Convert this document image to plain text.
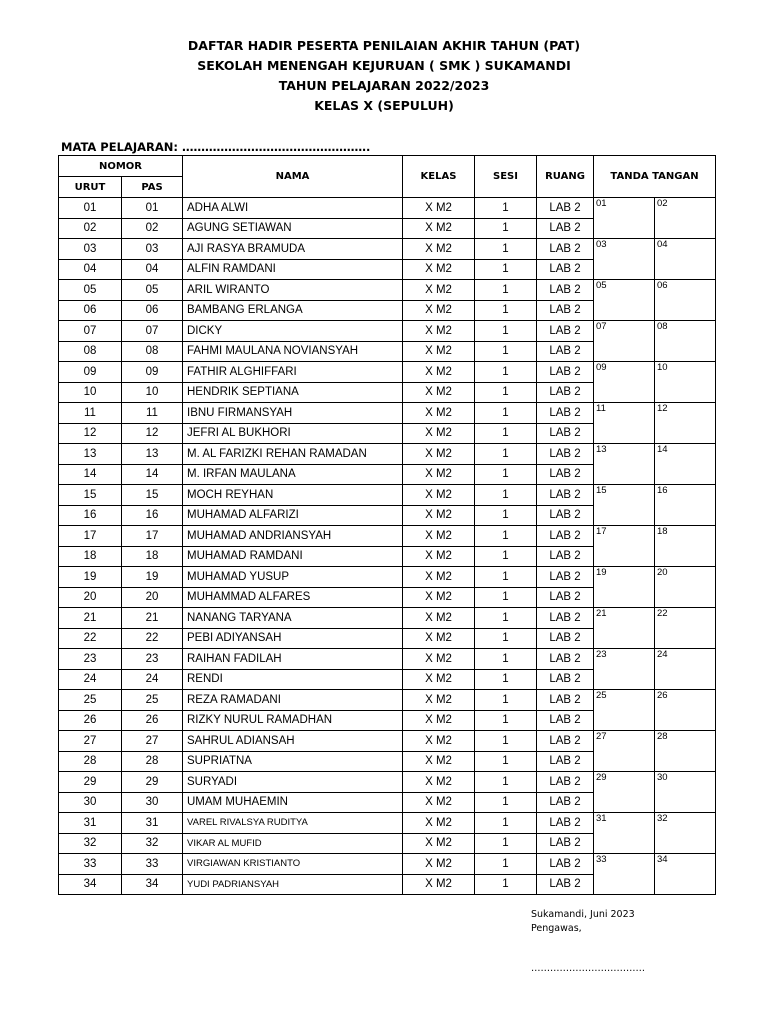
DAFTAR HADIR PESERTA PENILAIAN AKHIR TAHUN (PAT)
SEKOLAH MENENGAH KEJURUAN ( SMK ) SUKAMANDI
TAHUN PELAJARAN 2022/2023
KELAS X (SEPULUH)
MATA PELAJARAN: ………………………………………….
NOMOR		NAMA	KELAS	SESI	RUANG	TANDA TANGAN	
URUT	PAS						
01	01	ADHA ALWI	X M2	1	LAB 2	01	02
02	02	AGUNG SETIAWAN	X M2	1	LAB 2		
03	03	AJI RASYA BRAMUDA	X M2	1	LAB 2	03	04
04	04	ALFIN RAMDANI	X M2	1	LAB 2		
05	05	ARIL WIRANTO	X M2	1	LAB 2	05	06
06	06	BAMBANG ERLANGA	X M2	1	LAB 2		
07	07	DICKY	X M2	1	LAB 2	07	08
08	08	FAHMI MAULANA NOVIANSYAH	X M2	1	LAB 2		
09	09	FATHIR ALGHIFFARI	X M2	1	LAB 2	09	10
10	10	HENDRIK SEPTIANA	X M2	1	LAB 2		
11	11	IBNU FIRMANSYAH	X M2	1	LAB 2	11	12
12	12	JEFRI AL BUKHORI	X M2	1	LAB 2		
13	13	M. AL FARIZKI REHAN RAMADAN	X M2	1	LAB 2	13	14
14	14	M. IRFAN MAULANA	X M2	1	LAB 2		
15	15	MOCH REYHAN	X M2	1	LAB 2	15	16
16	16	MUHAMAD ALFARIZI	X M2	1	LAB 2		
17	17	MUHAMAD ANDRIANSYAH	X M2	1	LAB 2	17	18
18	18	MUHAMAD RAMDANI	X M2	1	LAB 2		
19	19	MUHAMAD YUSUP	X M2	1	LAB 2	19	20
20	20	MUHAMMAD ALFARES	X M2	1	LAB 2		
21	21	NANANG TARYANA	X M2	1	LAB 2	21	22
22	22	PEBI ADIYANSAH	X M2	1	LAB 2		
23	23	RAIHAN FADILAH	X M2	1	LAB 2	23	24
24	24	RENDI	X M2	1	LAB 2		
25	25	REZA RAMADANI	X M2	1	LAB 2	25	26
26	26	RIZKY NURUL RAMADHAN	X M2	1	LAB 2		
27	27	SAHRUL ADIANSAH	X M2	1	LAB 2	27	28
28	28	SUPRIATNA	X M2	1	LAB 2		
29	29	SURYADI	X M2	1	LAB 2	29	30
30	30	UMAM MUHAEMIN	X M2	1	LAB 2		
31	31	VAREL RIVALSYA RUDITYA	X M2	1	LAB 2	31	32
32	32	VIKAR AL MUFID	X M2	1	LAB 2		
33	33	VIRGIAWAN KRISTIANTO	X M2	1	LAB 2	33	34
34	34	YUDI PADRIANSYAH	X M2	1	LAB 2		
Sukamandi, Juni 2023
Pengawas,
………………………………
